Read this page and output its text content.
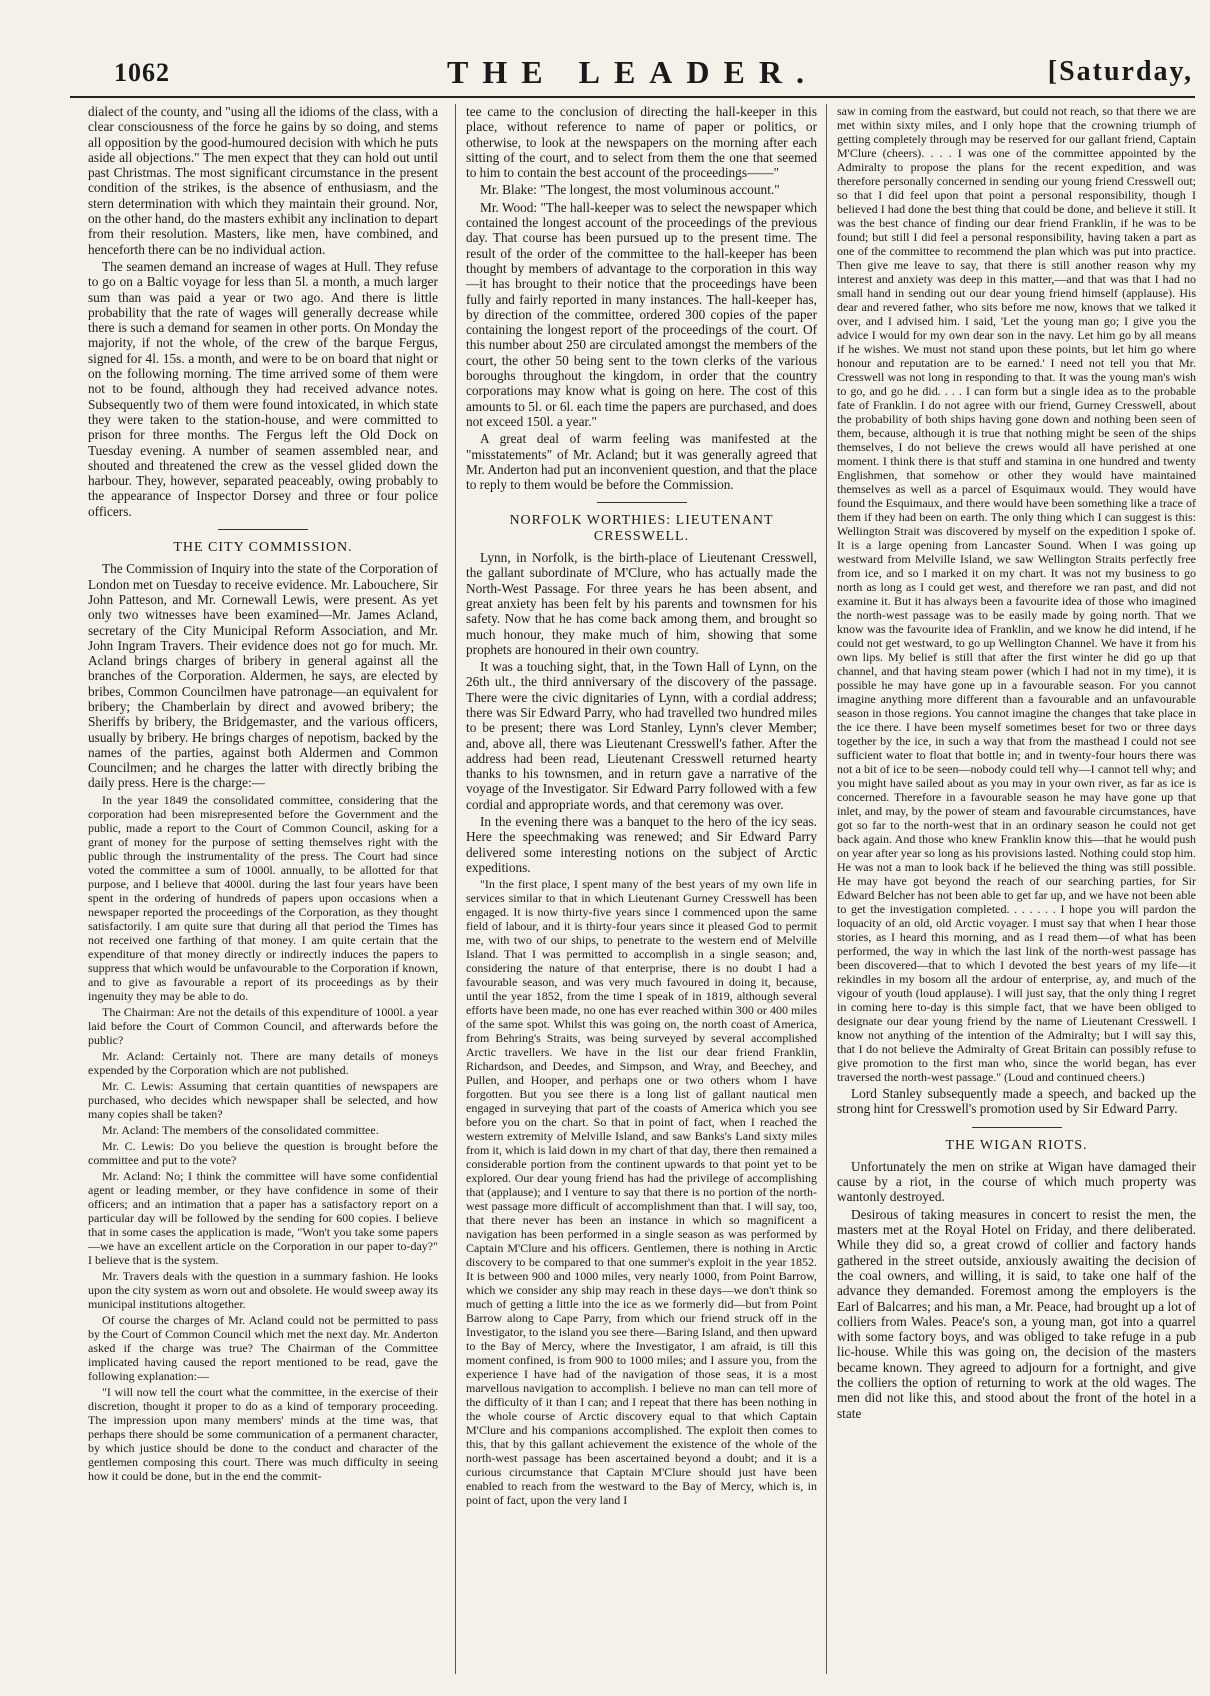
1062	THE LEADER.	[Saturday,

dialect of the county, and "using all the idioms of the class, with a clear consciousness of the force he gains by so doing, and stems all opposition by the good-humoured decision with which he puts aside all objections." The men expect that they can hold out until past Christmas. The most significant circumstance in the present condition of the strikes, is the absence of enthusiasm, and the stern determination with which they maintain their ground. Nor, on the other hand, do the masters exhibit any inclination to depart from their resolution. Masters, like men, have combined, and henceforth there can be no individual action.

The seamen demand an increase of wages at Hull. They refuse to go on a Baltic voyage for less than 5l. a month, a much larger sum than was paid a year or two ago. And there is little probability that the rate of wages will generally decrease while there is such a demand for seamen in other ports. On Monday the majority, if not the whole, of the crew of the barque Fergus, signed for 4l. 15s. a month, and were to be on board that night or on the following morning. The time arrived some of them were not to be found, although they had received advance notes. Subsequently two of them were found intoxicated, in which state they were taken to the station-house, and were committed to prison for three months. The Fergus left the Old Dock on Tuesday evening. A number of seamen assembled near, and shouted and threatened the crew as the vessel glided down the harbour. They, however, separated peaceably, owing probably to the appearance of Inspector Dorsey and three or four police officers.

THE CITY COMMISSION.

The Commission of Inquiry into the state of the Corporation of London met on Tuesday to receive evidence. Mr. Labouchere, Sir John Patteson, and Mr. Cornewall Lewis, were present. As yet only two witnesses have been examined—Mr. James Acland, secretary of the City Municipal Reform Association, and Mr. John Ingram Travers. Their evidence does not go for much. Mr. Acland brings charges of bribery in general against all the branches of the Corporation. Aldermen, he says, are elected by bribes, Common Councilmen have patronage—an equivalent for bribery; the Chamberlain by direct and avowed bribery; the Sheriffs by bribery, the Bridgemaster, and the various officers, usually by bribery. He brings charges of nepotism, backed by the names of the parties, against both Aldermen and Common Councilmen; and he charges the latter with directly bribing the daily press. Here is the charge:—

In the year 1849 the consolidated committee, considering that the corporation had been misrepresented before the Government and the public, made a report to the Court of Common Council, asking for a grant of money for the purpose of setting themselves right with the public through the instrumentality of the press. The Court had since voted the committee a sum of 1000l. annually, to be allotted for that purpose, and I believe that 4000l. during the last four years have been spent in the ordering of hundreds of papers upon occasions when a newspaper reported the proceedings of the Corporation, as they thought satisfactorily. I am quite sure that during all that period the Times has not received one farthing of that money. I am quite certain that the expenditure of that money directly or indirectly induces the papers to suppress that which would be unfavourable to the Corporation if known, and to give as favourable a report of its proceedings as by their ingenuity they may be able to do.

The Chairman: Are not the details of this expenditure of 1000l. a year laid before the Court of Common Council, and afterwards before the public?

Mr. Acland: Certainly not. There are many details of moneys expended by the Corporation which are not published.

Mr. C. Lewis: Assuming that certain quantities of newspapers are purchased, who decides which newspaper shall be selected, and how many copies shall be taken?

Mr. Acland: The members of the consolidated committee.

Mr. C. Lewis: Do you believe the question is brought before the committee and put to the vote?

Mr. Acland: No; I think the committee will have some confidential agent or leading member, or they have confidence in some of their officers; and an intimation that a paper has a satisfactory report on a particular day will be followed by the sending for 600 copies. I believe that in some cases the application is made, "Won't you take some papers—we have an excellent article on the Corporation in our paper to-day?" I believe that is the system.

Mr. Travers deals with the question in a summary fashion. He looks upon the city system as worn out and obsolete. He would sweep away its municipal institutions altogether.

Of course the charges of Mr. Acland could not be permitted to pass by the Court of Common Council which met the next day. Mr. Anderton asked if the charge was true? The Chairman of the Committee implicated having caused the report mentioned to be read, gave the following explanation:—

"I will now tell the court what the committee, in the exercise of their discretion, thought it proper to do as a kind of temporary proceeding. The impression upon many members' minds at the time was, that perhaps there should be some communication of a permanent character, by which justice should be done to the conduct and character of the gentlemen composing this court. There was much difficulty in seeing how it could be done, but in the end the commit-

tee came to the conclusion of directing the hall-keeper in this place, without reference to name of paper or politics, or otherwise, to look at the newspapers on the morning after each sitting of the court, and to select from them the one that seemed to him to contain the best account of the proceedings——"

Mr. Blake: "The longest, the most voluminous account."

Mr. Wood: "The hall-keeper was to select the newspaper which contained the longest account of the proceedings of the previous day. That course has been pursued up to the present time. The result of the order of the committee to the hall-keeper has been thought by members of advantage to the corporation in this way—it has brought to their notice that the proceedings have been fully and fairly reported in many instances. The hall-keeper has, by direction of the committee, ordered 300 copies of the paper containing the longest report of the proceedings of the court. Of this number about 250 are circulated amongst the members of the court, the other 50 being sent to the town clerks of the various boroughs throughout the kingdom, in order that the country corporations may know what is going on here. The cost of this amounts to 5l. or 6l. each time the papers are purchased, and does not exceed 150l. a year."

A great deal of warm feeling was manifested at the "misstatements" of Mr. Acland; but it was generally agreed that Mr. Anderton had put an inconvenient question, and that the place to reply to them would be before the Commission.

NORFOLK WORTHIES: LIEUTENANT CRESSWELL.

Lynn, in Norfolk, is the birth-place of Lieutenant Cresswell, the gallant subordinate of M'Clure, who has actually made the North-West Passage. For three years he has been absent, and great anxiety has been felt by his parents and townsmen for his safety. Now that he has come back among them, and brought so much honour, they make much of him, showing that some prophets are honoured in their own country.

It was a touching sight, that, in the Town Hall of Lynn, on the 26th ult., the third anniversary of the discovery of the passage. There were the civic dignitaries of Lynn, with a cordial address; there was Sir Edward Parry, who had travelled two hundred miles to be present; there was Lord Stanley, Lynn's clever Member; and, above all, there was Lieutenant Cresswell's father. After the address had been read, Lieutenant Cresswell returned hearty thanks to his townsmen, and in return gave a narrative of the voyage of the Investigator. Sir Edward Parry followed with a few cordial and appropriate words, and that ceremony was over.

In the evening there was a banquet to the hero of the icy seas. Here the speechmaking was renewed; and Sir Edward Parry delivered some interesting notions on the subject of Arctic expeditions.

"In the first place, I spent many of the best years of my own life in services similar to that in which Lieutenant Gurney Cresswell has been engaged. It is now thirty-five years since I commenced upon the same field of labour, and it is thirty-four years since it pleased God to permit me, with two of our ships, to penetrate to the western end of Melville Island. That I was permitted to accomplish in a single season; and, considering the nature of that enterprise, there is no doubt I had a favourable season, and was very much favoured in doing it, because, until the year 1852, from the time I speak of in 1819, although several efforts have been made, no one has ever reached within 300 or 400 miles of the same spot. Whilst this was going on, the north coast of America, from Behring's Straits, was being surveyed by several accomplished Arctic travellers. We have in the list our dear friend Franklin, Richardson, and Deedes, and Simpson, and Wray, and Beechey, and Pullen, and Hooper, and perhaps one or two others whom I have forgotten. But you see there is a long list of gallant nautical men engaged in surveying that part of the coasts of America which you see before you on the chart. So that in point of fact, when I reached the western extremity of Melville Island, and saw Banks's Land sixty miles from it, which is laid down in my chart of that day, there then remained a considerable portion from the continent upwards to that point yet to be explored. Our dear young friend has had the privilege of accomplishing that (applause); and I venture to say that there is no portion of the north-west passage more difficult of accomplishment than that. I will say, too, that there never has been an instance in which so magnificent a navigation has been performed in a single season as was performed by Captain M'Clure and his officers. Gentlemen, there is nothing in Arctic discovery to be compared to that one summer's exploit in the year 1852. It is between 900 and 1000 miles, very nearly 1000, from Point Barrow, which we consider any ship may reach in these days—we don't think so much of getting a little into the ice as we formerly did—but from Point Barrow along to Cape Parry, from which our friend struck off in the Investigator, to the island you see there—Baring Island, and then upward to the Bay of Mercy, where the Investigator, I am afraid, is till this moment confined, is from 900 to 1000 miles; and I assure you, from the experience I have had of the navigation of those seas, it is a most marvellous navigation to accomplish. I believe no man can tell more of the difficulty of it than I can; and I repeat that there has been nothing in the whole course of Arctic discovery equal to that which Captain M'Clure and his companions accomplished. The exploit then comes to this, that by this gallant achievement the existence of the whole of the north-west passage has been ascertained beyond a doubt; and it is a curious circumstance that Captain M'Clure should just have been enabled to reach from the westward to the Bay of Mercy, which is, in point of fact, upon the very land I

saw in coming from the eastward, but could not reach, so that there we are met within sixty miles, and I only hope that the crowning triumph of getting completely through may be reserved for our gallant friend, Captain M'Clure (cheers). . . . I was one of the committee appointed by the Admiralty to propose the plans for the recent expedition, and was therefore personally concerned in sending our young friend Cresswell out; so that I did feel upon that point a personal responsibility, though I believed I had done the best thing that could be done, and believe it still. It was the best chance of finding our dear friend Franklin, if he was to be found; but still I did feel a personal responsibility, having taken a part as one of the committee to recommend the plan which was put into practice. Then give me leave to say, that there is still another reason why my interest and anxiety was deep in this matter,—and that was that I had no small hand in sending out our dear young friend himself (applause). His dear and revered father, who sits before me now, knows that we talked it over, and I advised him. I said, 'Let the young man go; I give you the advice I would for my own dear son in the navy. Let him go by all means if he wishes. We must not stand upon these points, but let him go where honour and reputation are to be earned.' I need not tell you that Mr. Cresswell was not long in responding to that. It was the young man's wish to go, and go he did. . . . I can form but a single idea as to the probable fate of Franklin. I do not agree with our friend, Gurney Cresswell, about the probability of both ships having gone down and nothing been seen of them, because, although it is true that nothing might be seen of the ships themselves, I do not believe the crews would all have perished at one moment. I think there is that stuff and stamina in one hundred and twenty Englishmen, that somehow or other they would have maintained themselves as well as a parcel of Esquimaux would. They would have found the Esquimaux, and there would have been something like a trace of them if they had been on earth. The only thing which I can suggest is this: Wellington Strait was discovered by myself on the expedition I spoke of. It is a large opening from Lancaster Sound. When I was going up westward from Melville Island, we saw Wellington Straits perfectly free from ice, and so I marked it on my chart. It was not my business to go north as long as I could get west, and therefore we ran past, and did not examine it. But it has always been a favourite idea of those who imagined the north-west passage was to be easily made by going north. That we know was the favourite idea of Franklin, and we know he did intend, if he could not get westward, to go up Wellington Channel. We have it from his own lips. My belief is still that after the first winter he did go up that channel, and that having steam power (which I had not in my time), it is possible he may have gone up in a favourable season. For you cannot imagine anything more different than a favourable and an unfavourable season in those regions. You cannot imagine the changes that take place in the ice there. I have been myself sometimes beset for two or three days together by the ice, in such a way that from the masthead I could not see sufficient water to float that bottle in; and in twenty-four hours there was not a bit of ice to be seen—nobody could tell why—I cannot tell why; and you might have sailed about as you may in your own river, as far as ice is concerned. Therefore in a favourable season he may have gone up that inlet, and may, by the power of steam and favourable circumstances, have got so far to the north-west that in an ordinary season he could not get back again. And those who knew Franklin know this—that he would push on year after year so long as his provisions lasted. Nothing could stop him. He was not a man to look back if he believed the thing was still possible. He may have got beyond the reach of our searching parties, for Sir Edward Belcher has not been able to get far up, and we have not been able to get the investigation completed. . . . . . . I hope you will pardon the loquacity of an old, old Arctic voyager. I must say that when I hear those stories, as I heard this morning, and as I read them—of what has been performed, the way in which the last link of the north-west passage has been discovered—that to which I devoted the best years of my life—it rekindles in my bosom all the ardour of enterprise, ay, and much of the vigour of youth (loud applause). I will just say, that the only thing I regret in coming here to-day is this simple fact, that we have been obliged to designate our dear young friend by the name of Lieutenant Cresswell. I know not anything of the intention of the Admiralty; but I will say this, that I do not believe the Admiralty of Great Britain can possibly refuse to give promotion to the first man who, since the world began, has ever traversed the north-west passage." (Loud and continued cheers.)

Lord Stanley subsequently made a speech, and backed up the strong hint for Cresswell's promotion used by Sir Edward Parry.

THE WIGAN RIOTS.

Unfortunately the men on strike at Wigan have damaged their cause by a riot, in the course of which much property was wantonly destroyed.

Desirous of taking measures in concert to resist the men, the masters met at the Royal Hotel on Friday, and there deliberated. While they did so, a great crowd of collier and factory hands gathered in the street outside, anxiously awaiting the decision of the coal owners, and willing, it is said, to take one half of the advance they demanded. Foremost among the employers is the Earl of Balcarres; and his man, a Mr. Peace, had brought up a lot of colliers from Wales. Peace's son, a young man, got into a quarrel with some factory boys, and was obliged to take refuge in a pub lic-house. While this was going on, the decision of the masters became known. They agreed to adjourn for a fortnight, and give the colliers the option of returning to work at the old wages. The men did not like this, and stood about the front of the hotel in a state
